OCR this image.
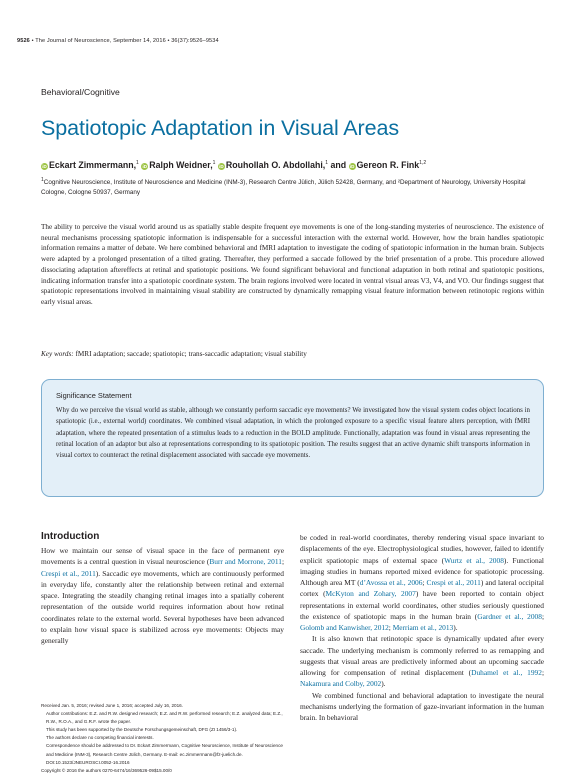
9526 • The Journal of Neuroscience, September 14, 2016 • 36(37):9526–9534
Behavioral/Cognitive
Spatiotopic Adaptation in Visual Areas
iD Eckart Zimmermann,$^1$ iD Ralph Weidner,$^1$ iD Rouhollah O. Abdollahi,$^1$ and iD Gereon R. Fink$^{1,2}$
$^1$Cognitive Neuroscience, Institute of Neuroscience and Medicine (INM-3), Research Centre Jülich, Jülich 52428, Germany, and ²Department of Neurology, University Hospital Cologne, Cologne 50937, Germany
The ability to perceive the visual world around us as spatially stable despite frequent eye movements is one of the long-standing mysteries of neuroscience. The existence of neural mechanisms processing spatiotopic information is indispensable for a successful interaction with the external world. However, how the brain handles spatiotopic information remains a matter of debate. We here combined behavioral and fMRI adaptation to investigate the coding of spatiotopic information in the human brain. Subjects were adapted by a prolonged presentation of a tilted grating. Thereafter, they performed a saccade followed by the brief presentation of a probe. This procedure allowed dissociating adaptation aftereffects at retinal and spatiotopic positions. We found significant behavioral and functional adaptation in both retinal and spatiotopic positions, indicating information transfer into a spatiotopic coordinate system. The brain regions involved were located in ventral visual areas V3, V4, and VO. Our findings suggest that spatiotopic representations involved in maintaining visual stability are constructed by dynamically remapping visual feature information between retinotopic regions within early visual areas.
Key words: fMRI adaptation; saccade; spatiotopic; trans-saccadic adaptation; visual stability
Significance Statement
Why do we perceive the visual world as stable, although we constantly perform saccadic eye movements? We investigated how the visual system codes object locations in spatiotopic (i.e., external world) coordinates. We combined visual adaptation, in which the prolonged exposure to a specific visual feature alters perception, with fMRI adaptation, where the repeated presentation of a stimulus leads to a reduction in the BOLD amplitude. Functionally, adaptation was found in visual areas representing the retinal location of an adaptor but also at representations corresponding to its spatiotopic position. The results suggest that an active dynamic shift transports information in visual cortex to counteract the retinal displacement associated with saccade eye movements.
Introduction
How we maintain our sense of visual space in the face of permanent eye movements is a central question in visual neuroscience (Burr and Morrone, 2011; Crespi et al., 2011). Saccadic eye movements, which are continuously performed in everyday life, constantly alter the relationship between retinal and external space. Integrating the steadily changing retinal images into a spatially coherent representation of the outside world requires information about how retinal coordinates relate to the external world. Several hypotheses have been advanced to explain how visual space is stabilized across eye movements: Objects may generally

be coded in real-world coordinates, thereby rendering visual space invariant to displacements of the eye. Electrophysiological studies, however, failed to identify explicit spatiotopic maps of external space (Wurtz et al., 2008). Functional imaging studies in humans reported mixed evidence for spatiotopic processing. Although area MT (d’Avossa et al., 2006; Crespi et al., 2011) and lateral occipital cortex (McKyton and Zohary, 2007) have been reported to contain object representations in external world coordinates, other studies seriously questioned the existence of spatiotopic maps in the human brain (Gardner et al., 2008; Golomb and Kanwisher, 2012; Merriam et al., 2013).

It is also known that retinotopic space is dynamically updated after every saccade. The underlying mechanism is commonly referred to as remapping and suggests that visual areas are predictively informed about an upcoming saccade allowing for compensation of retinal displacement (Duhamel et al., 1992; Nakamura and Colby, 2002).

We combined functional and behavioral adaptation to investigate the neural mechanisms underlying the formation of gaze-invariant information in the human brain. In behavioral

Received Jan. 5, 2016; revised June 1, 2016; accepted July 16, 2016.
Author contributions: E.Z. and R.W. designed research; E.Z. and R.W. performed research; E.Z. analyzed data; E.Z.,
R.W., R.O.A., and G.R.F. wrote the paper.
This study has been supported by the Deutsche Forschungsgemeinschaft, DFG (ZI 1456/3-1).
The authors declare no competing financial interests.
Correspondence should be addressed to Dr. Eckart Zimmermann, Cognitive Neuroscience, Institute of Neuroscience and Medicine (INM-3), Research Centre Jülich, Germany. E-mail: ec.zimmermann@fz-juelich.de.
DOI:10.1523/JNEUROSCI.0052-16.2016
Copyright © 2016 the authors 0270-6474/16/369526-09$15.00/0
